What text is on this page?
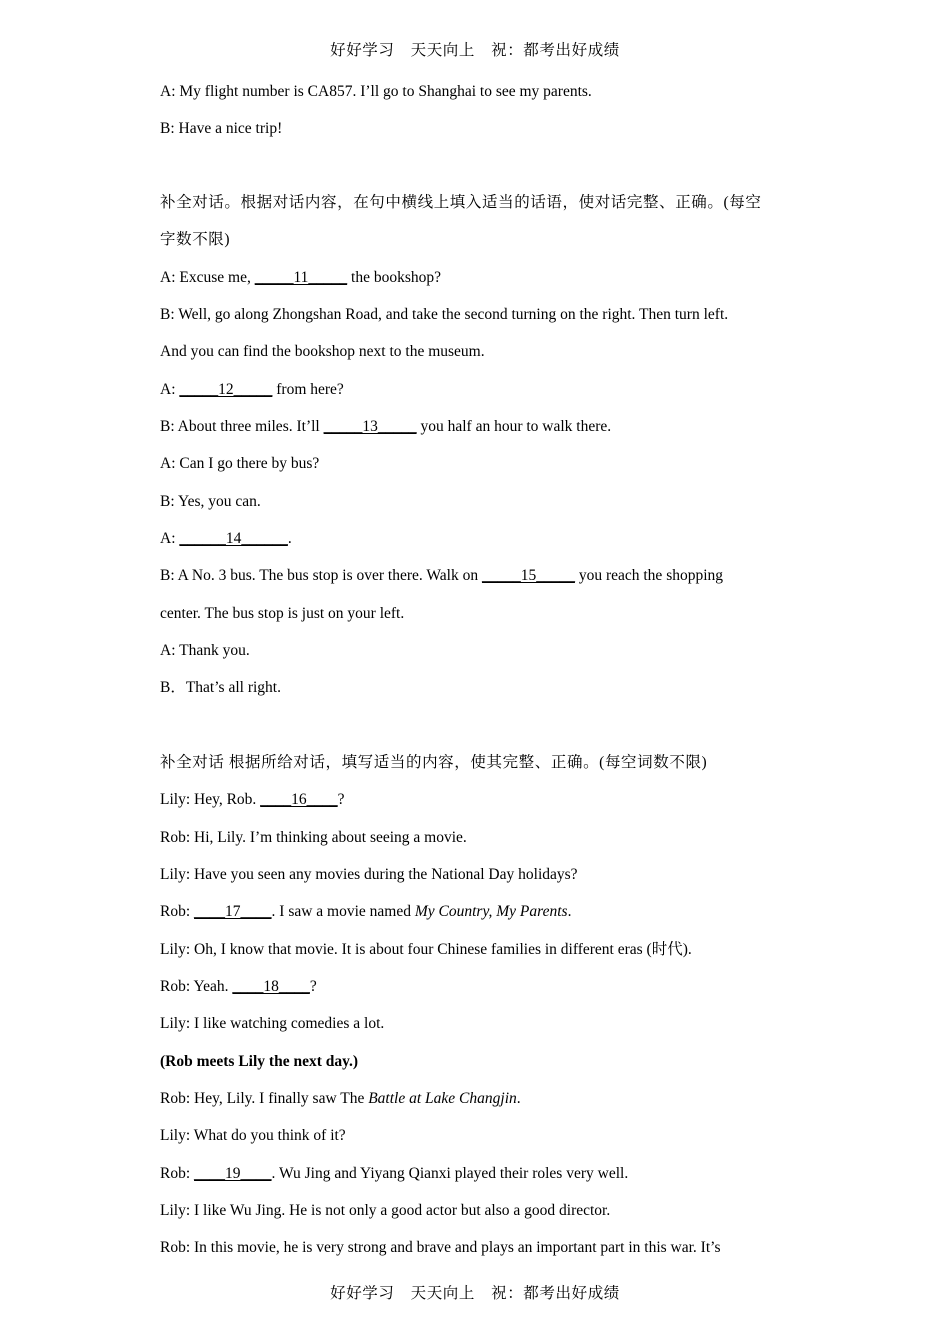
好好学习　天天向上　祝：都考出好成绩
A: My flight number is CA857. I’ll go to Shanghai to see my parents.
B: Have a nice trip!
补全对话。根据对话内容，在句中横线上填入适当的话语，使对话完整、正确。(每空
字数不限)
A: Excuse me, _____11_____ the bookshop?
B: Well, go along Zhongshan Road, and take the second turning on the right. Then turn left.
And you can find the bookshop next to the museum.
A: _____12_____ from here?
B: About three miles. It’ll _____13_____ you half an hour to walk there.
A: Can I go there by bus?
B: Yes, you can.
A: ______14______.
B: A No. 3 bus. The bus stop is over there. Walk on _____15_____ you reach the shopping
center. The bus stop is just on your left.
A: Thank you.
B．That’s all right.
补全对话 根据所给对话，填写适当的内容，使其完整、正确。(每空词数不限)
Lily: Hey, Rob. ____16____?
Rob: Hi, Lily. I’m thinking about seeing a movie.
Lily: Have you seen any movies during the National Day holidays?
Rob: ____17____. I saw a movie named My Country, My Parents.
Lily: Oh, I know that movie. It is about four Chinese families in different eras (时代).
Rob: Yeah. ____18____?
Lily: I like watching comedies a lot.
(Rob meets Lily the next day.)
Rob: Hey, Lily. I finally saw The Battle at Lake Changjin.
Lily: What do you think of it?
Rob: ____19____. Wu Jing and Yiyang Qianxi played their roles very well.
Lily: I like Wu Jing. He is not only a good actor but also a good director.
Rob: In this movie, he is very strong and brave and plays an important part in this war. It’s
好好学习　天天向上　祝：都考出好成绩
